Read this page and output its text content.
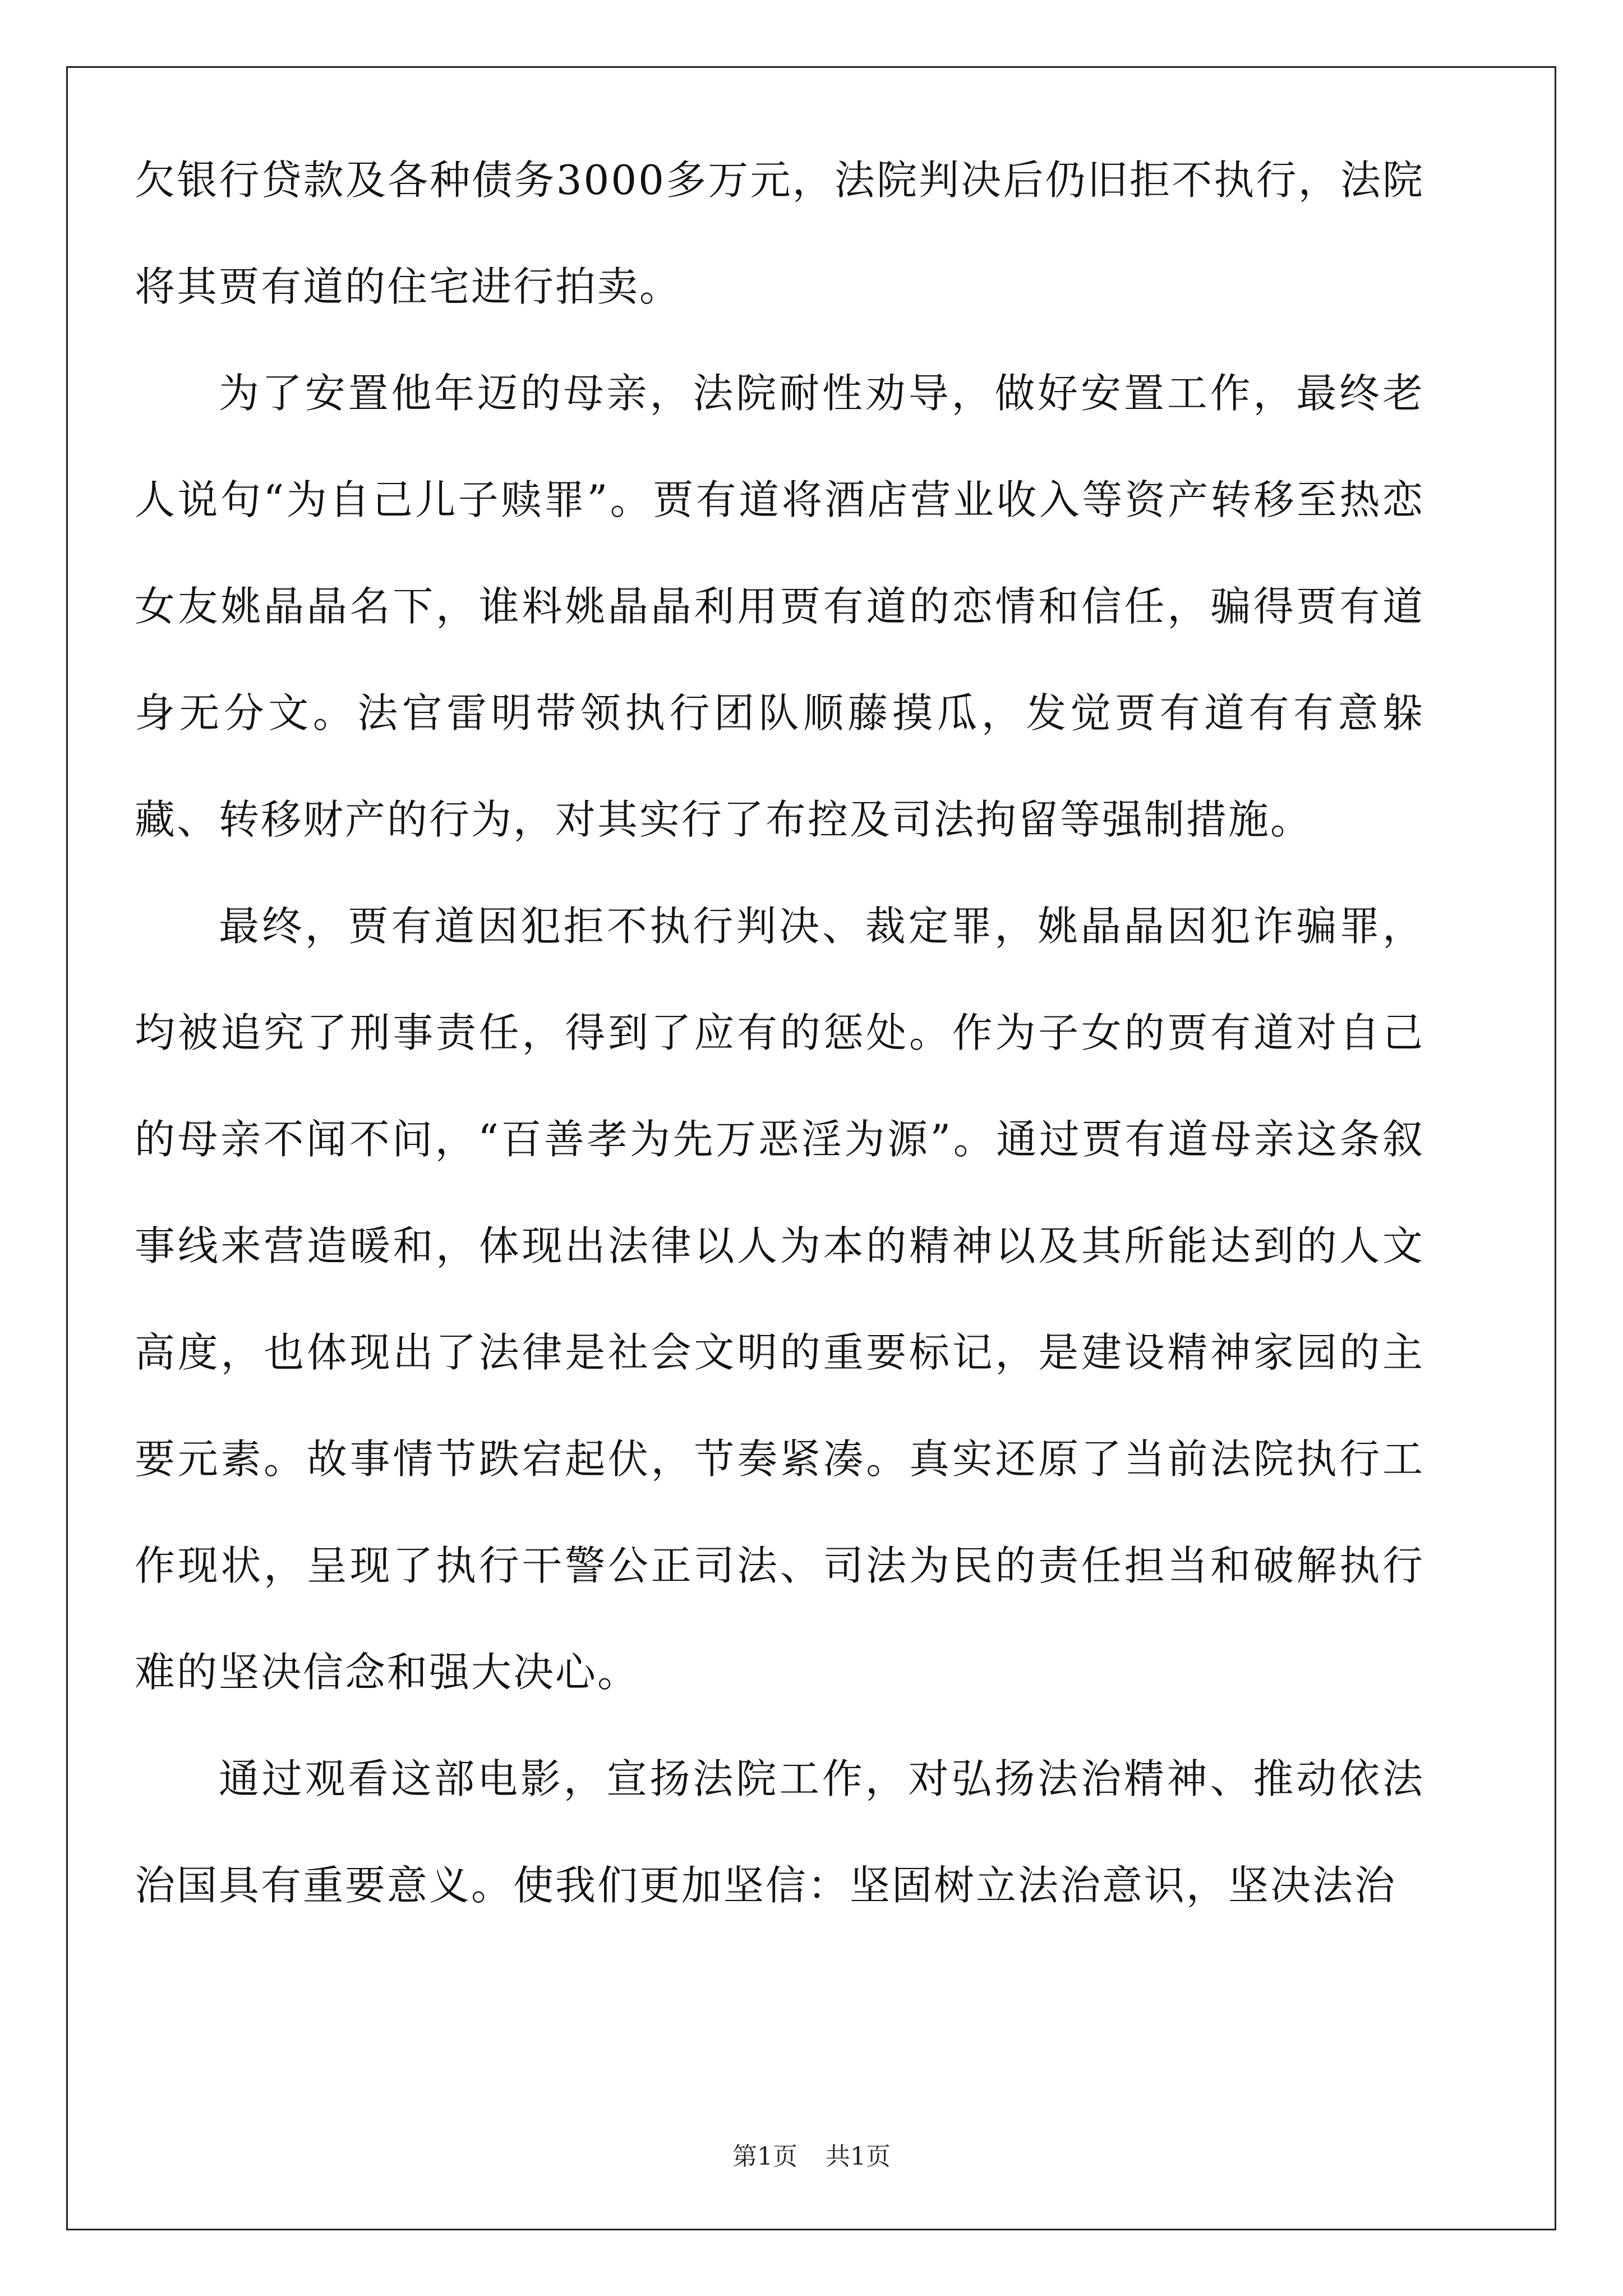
欠银行贷款及各种债务3000多万元，法院判决后仍旧拒不执行，法院将其贾有道的住宅进行拍卖。

为了安置他年迈的母亲，法院耐性劝导，做好安置工作，最终老人说句“为自己儿子赎罪”。贾有道将酒店营业收入等资产转移至热恋女友姚晶晶名下，谁料姚晶晶利用贾有道的恋情和信任，骗得贾有道身无分文。法官雷明带领执行团队顺藤摸瓜，发觉贾有道有有意躲藏、转移财产的行为，对其实行了布控及司法拘留等强制措施。

最终，贾有道因犯拒不执行判决、裁定罪，姚晶晶因犯诈骗罪，均被追究了刑事责任，得到了应有的惩处。作为子女的贾有道对自己的母亲不闻不问，“百善孝为先万恶淫为源”。通过贾有道母亲这条叙事线来营造暖和，体现出法律以人为本的精神以及其所能达到的人文高度，也体现出了法律是社会文明的重要标记，是建设精神家园的主要元素。故事情节跌宕起伏，节奏紧凑。真实还原了当前法院执行工作现状，呈现了执行干警公正司法、司法为民的责任担当和破解执行难的坚决信念和强大决心。

通过观看这部电影，宣扬法院工作，对弘扬法治精神、推动依法治国具有重要意义。使我们更加坚信：坚固树立法治意识，坚决法治

第1页 共1页
